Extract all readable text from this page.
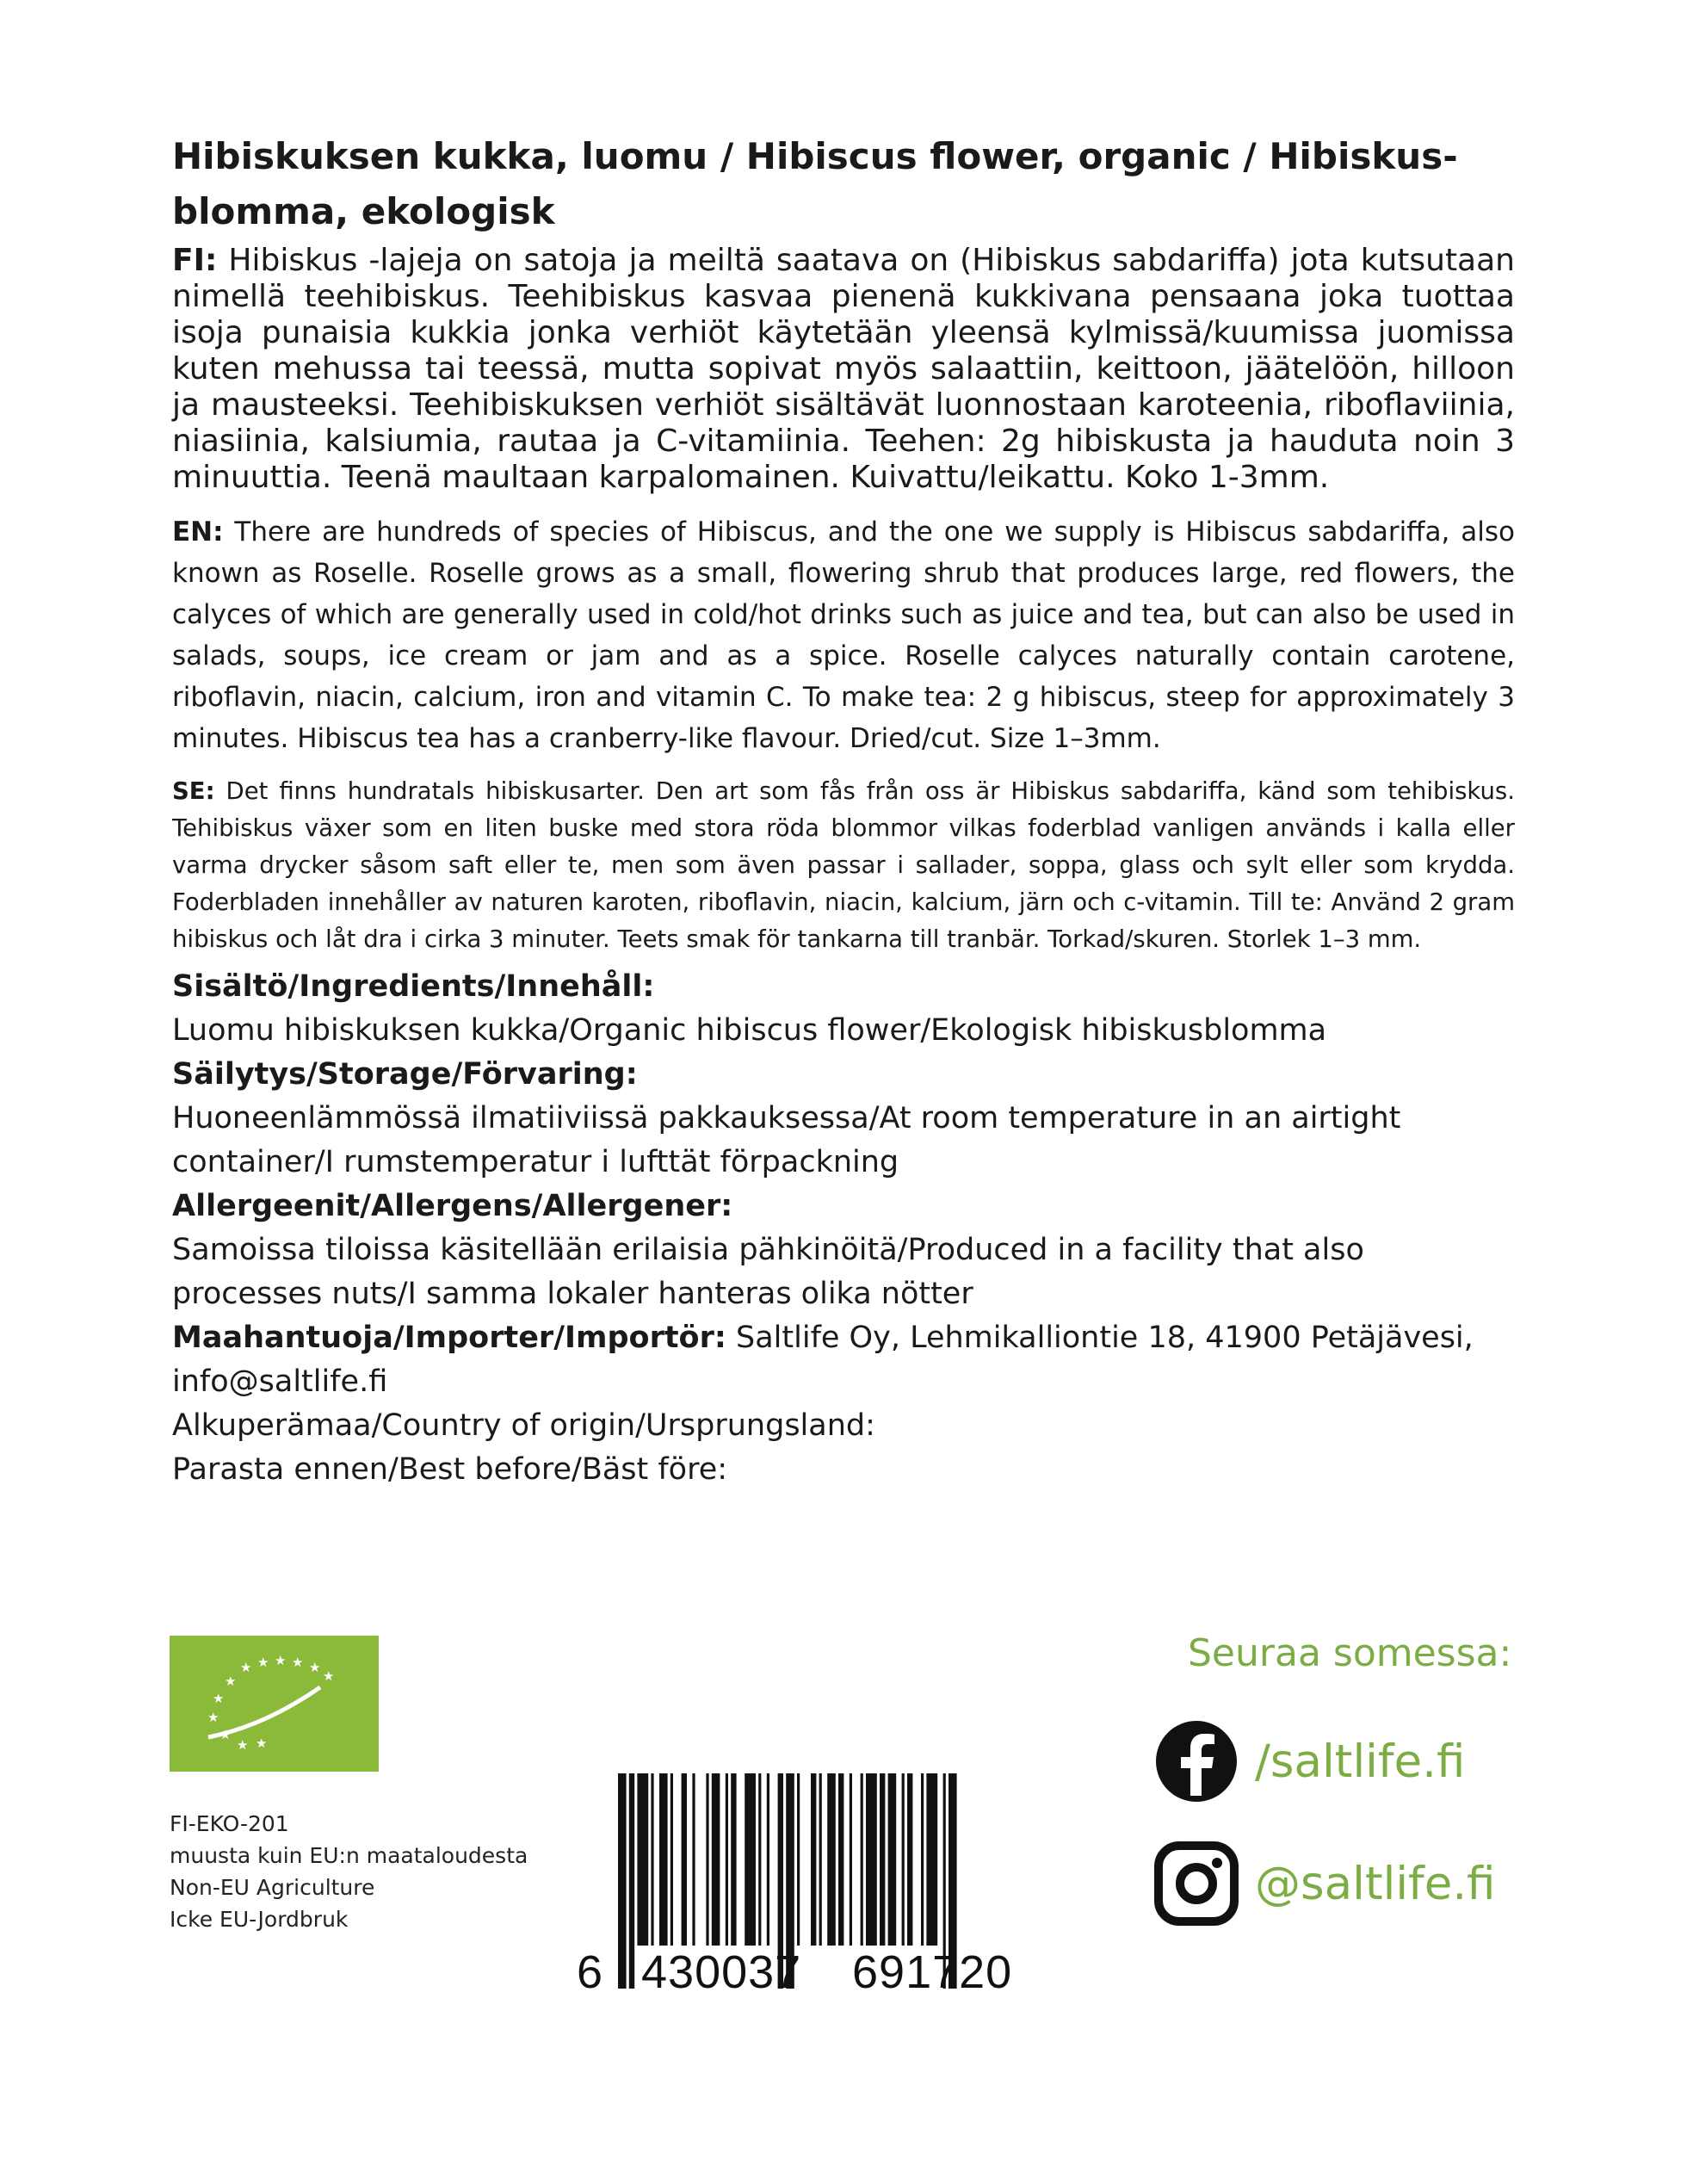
Hibiskuksen kukka, luomu / Hibiscus flower, organic / Hibiskus-blomma, ekologisk

FI: Hibiskus -lajeja on satoja ja meiltä saatava on (Hibiskus sabdariffa) jota kutsutaan nimellä teehibiskus. Teehibiskus kasvaa pienenä kukkivana pensaana joka tuottaa isoja punaisia kukkia jonka verhiöt käytetään yleensä kylmissä/kuumissa juomissa kuten mehussa tai teessä, mutta sopivat myös salaattiin, keittoon, jäätelöön, hilloon ja mausteeksi. Teehibiskuksen verhiöt sisältävät luonnostaan karoteenia, riboflaviinia, niasiinia, kalsiumia, rautaa ja C-vitamiinia. Teehen: 2g hibiskusta ja hauduta noin 3 minuuttia. Teenä maultaan karpalomainen. Kuivattu/leikattu. Koko 1-3mm.

EN: There are hundreds of species of Hibiscus, and the one we supply is Hibiscus sabdariffa, also known as Roselle. Roselle grows as a small, flowering shrub that produces large, red flowers, the calyces of which are generally used in cold/hot drinks such as juice and tea, but can also be used in salads, soups, ice cream or jam and as a spice. Roselle calyces naturally contain carotene, riboflavin, niacin, calcium, iron and vitamin C. To make tea: 2 g hibiscus, steep for approximately 3 minutes. Hibiscus tea has a cranberry-like flavour. Dried/cut. Size 1–3mm.

SE: Det finns hundratals hibiskusarter. Den art som fås från oss är Hibiskus sabdariffa, känd som tehibiskus. Tehibiskus växer som en liten buske med stora röda blommor vilkas foderblad vanligen används i kalla eller varma drycker såsom saft eller te, men som även passar i sallader, soppa, glass och sylt eller som krydda. Foderbladen innehåller av naturen karoten, riboflavin, niacin, kalcium, järn och c-vitamin. Till te: Använd 2 gram hibiskus och låt dra i cirka 3 minuter. Teets smak för tankarna till tranbär. Torkad/skuren. Storlek 1–3 mm.

Sisältö/Ingredients/Innehåll:
Luomu hibiskuksen kukka/Organic hibiscus flower/Ekologisk hibiskusblomma
Säilytys/Storage/Förvaring:
Huoneenlämmössä ilmatiiviissä pakkauksessa/At room temperature in an airtight container/I rumstemperatur i lufttät förpackning
Allergeenit/Allergens/Allergener:
Samoissa tiloissa käsitellään erilaisia pähkinöitä/Produced in a facility that also processes nuts/I samma lokaler hanteras olika nötter
Maahantuoja/Importer/Importör: Saltlife Oy, Lehmikalliontie 18, 41900 Petäjävesi, info@saltlife.fi
Alkuperämaa/Country of origin/Ursprungsland:
Parasta ennen/Best before/Bäst före:
★ ★ ★ ★ ★
★
★
★
★
★
★ ★
FI-EKO-201
muusta kuin EU:n maataloudesta
Non-EU Agriculture
Icke EU-Jordbruk
6 430037 691720
Seuraa somessa:
/saltlife.fi
@saltlife.fi
